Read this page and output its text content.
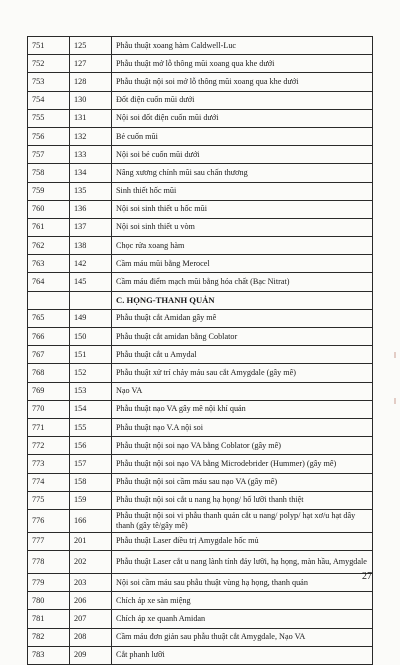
751	125	Phẫu thuật xoang hàm Caldwell-Luc
752	127	Phẫu thuật mở lỗ thông mũi xoang qua khe dưới
753	128	Phẫu thuật nội soi mở lỗ thông mũi xoang qua khe dưới
754	130	Đốt điện cuốn mũi dưới
755	131	Nội soi đốt điện cuốn mũi dưới
756	132	Bẻ cuốn mũi
757	133	Nội soi bẻ cuốn mũi dưới
758	134	Nâng xương chính mũi sau chấn thương
759	135	Sinh thiết hốc mũi
760	136	Nội soi sinh thiết u hốc mũi
761	137	Nội soi sinh thiết u vòm
762	138	Chọc rửa xoang hàm
763	142	Cầm máu mũi bằng Merocel
764	145	Cầm máu điểm mạch mũi bằng hóa chất (Bạc Nitrat)
		C. HỌNG-THANH QUẢN
765	149	Phẫu thuật cắt Amidan gây mê
766	150	Phẫu thuật cắt amidan bằng Coblator
767	151	Phẫu thuật cắt u Amydal
768	152	Phẫu thuật xử trí chảy máu sau cắt Amygdale (gây mê)
769	153	Nạo VA
770	154	Phẫu thuật nạo VA gây mê nội khí quản
771	155	Phẫu thuật nạo V.A nội soi
772	156	Phẫu thuật nội soi nạo VA bằng Coblator (gây mê)
773	157	Phẫu thuật nội soi nạo VA bằng Microdebrider (Hummer) (gây mê)
774	158	Phẫu thuật nội soi cầm máu sau nạo VA (gây mê)
775	159	Phẫu thuật nội soi cắt u nang hạ họng/ hố lưỡi thanh thiệt
776	166	Phẫu thuật nội soi vi phẫu thanh quản cắt u nang/ polyp/ hạt xơ/u hạt dây thanh (gây tê/gây mê)
777	201	Phẫu thuật Laser điều trị Amygdale hốc mủ
778	202	Phẫu thuật Laser cắt u nang lành tính đáy lưỡi, hạ họng, màn hầu, Amygdale
779	203	Nội soi cầm máu sau phẫu thuật vùng hạ họng, thanh quản
780	206	Chích áp xe sàn miệng
781	207	Chích áp xe quanh Amidan
782	208	Cầm máu đơn giản sau phẫu thuật cắt Amygdale, Nạo VA
783	209	Cắt phanh lưỡi
27
